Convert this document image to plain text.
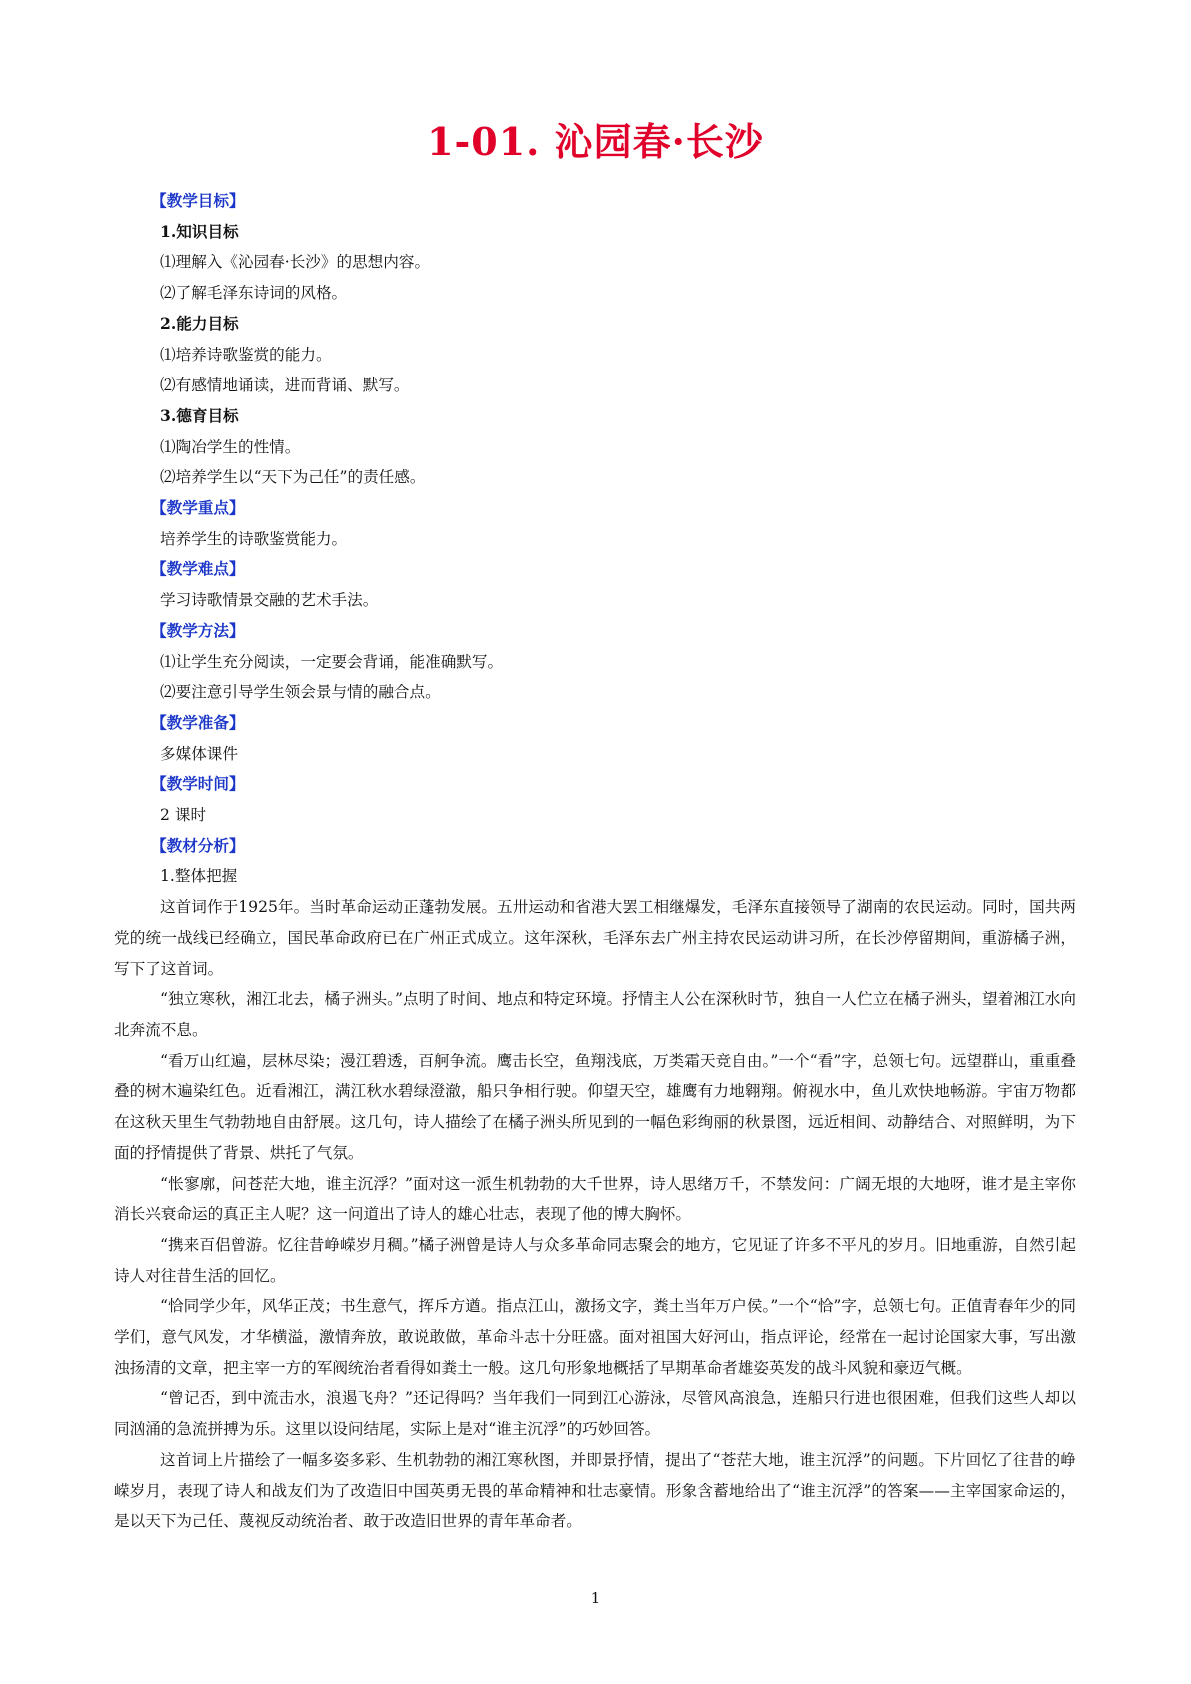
1-01. 沁园春·长沙
【教学目标】
1.知识目标
⑴理解入《沁园春·长沙》的思想内容。
⑵了解毛泽东诗词的风格。
2.能力目标
⑴培养诗歌鉴赏的能力。
⑵有感情地诵读，进而背诵、默写。
3.德育目标
⑴陶冶学生的性情。
⑵培养学生以“天下为己任”的责任感。
【教学重点】
培养学生的诗歌鉴赏能力。
【教学难点】
学习诗歌情景交融的艺术手法。
【教学方法】
⑴让学生充分阅读，一定要会背诵，能准确默写。
⑵要注意引导学生领会景与情的融合点。
【教学准备】
多媒体课件
【教学时间】
2 课时
【教材分析】
1.整体把握

这首词作于1925年。当时革命运动正蓬勃发展。五卅运动和省港大罢工相继爆发，毛泽东直接领导了湖南的农民运动。同时，国共两党的统一战线已经确立，国民革命政府已在广州正式成立。这年深秋，毛泽东去广州主持农民运动讲习所，在长沙停留期间，重游橘子洲，写下了这首词。

“独立寒秋，湘江北去，橘子洲头。”点明了时间、地点和特定环境。抒情主人公在深秋时节，独自一人伫立在橘子洲头，望着湘江水向北奔流不息。

“看万山红遍，层林尽染；漫江碧透，百舸争流。鹰击长空，鱼翔浅底，万类霜天竞自由。”一个“看”字，总领七句。远望群山，重重叠叠的树木遍染红色。近看湘江，满江秋水碧绿澄澈，船只争相行驶。仰望天空，雄鹰有力地翱翔。俯视水中，鱼儿欢快地畅游。宇宙万物都在这秋天里生气勃勃地自由舒展。这几句，诗人描绘了在橘子洲头所见到的一幅色彩绚丽的秋景图，远近相间、动静结合、对照鲜明，为下面的抒情提供了背景、烘托了气氛。

“怅寥廓，问苍茫大地，谁主沉浮？”面对这一派生机勃勃的大千世界，诗人思绪万千，不禁发问：广阔无垠的大地呀，谁才是主宰你消长兴衰命运的真正主人呢？这一问道出了诗人的雄心壮志，表现了他的博大胸怀。

“携来百侣曾游。忆往昔峥嵘岁月稠。”橘子洲曾是诗人与众多革命同志聚会的地方，它见证了许多不平凡的岁月。旧地重游，自然引起诗人对往昔生活的回忆。

“恰同学少年，风华正茂；书生意气，挥斥方遒。指点江山，激扬文字，粪土当年万户侯。”一个“恰”字，总领七句。正值青春年少的同学们，意气风发，才华横溢，激情奔放，敢说敢做，革命斗志十分旺盛。面对祖国大好河山，指点评论，经常在一起讨论国家大事，写出激浊扬清的文章，把主宰一方的军阀统治者看得如粪土一般。这几句形象地概括了早期革命者雄姿英发的战斗风貌和豪迈气概。

“曾记否，到中流击水，浪遏飞舟？”还记得吗？当年我们一同到江心游泳，尽管风高浪急，连船只行进也很困难，但我们这些人却以同汹涌的急流拼搏为乐。这里以设问结尾，实际上是对“谁主沉浮”的巧妙回答。

这首词上片描绘了一幅多姿多彩、生机勃勃的湘江寒秋图，并即景抒情，提出了“苍茫大地，谁主沉浮”的问题。下片回忆了往昔的峥嵘岁月，表现了诗人和战友们为了改造旧中国英勇无畏的革命精神和壮志豪情。形象含蓄地给出了“谁主沉浮”的答案——主宰国家命运的，是以天下为己任、蔑视反动统治者、敢于改造旧世界的青年革命者。

1
